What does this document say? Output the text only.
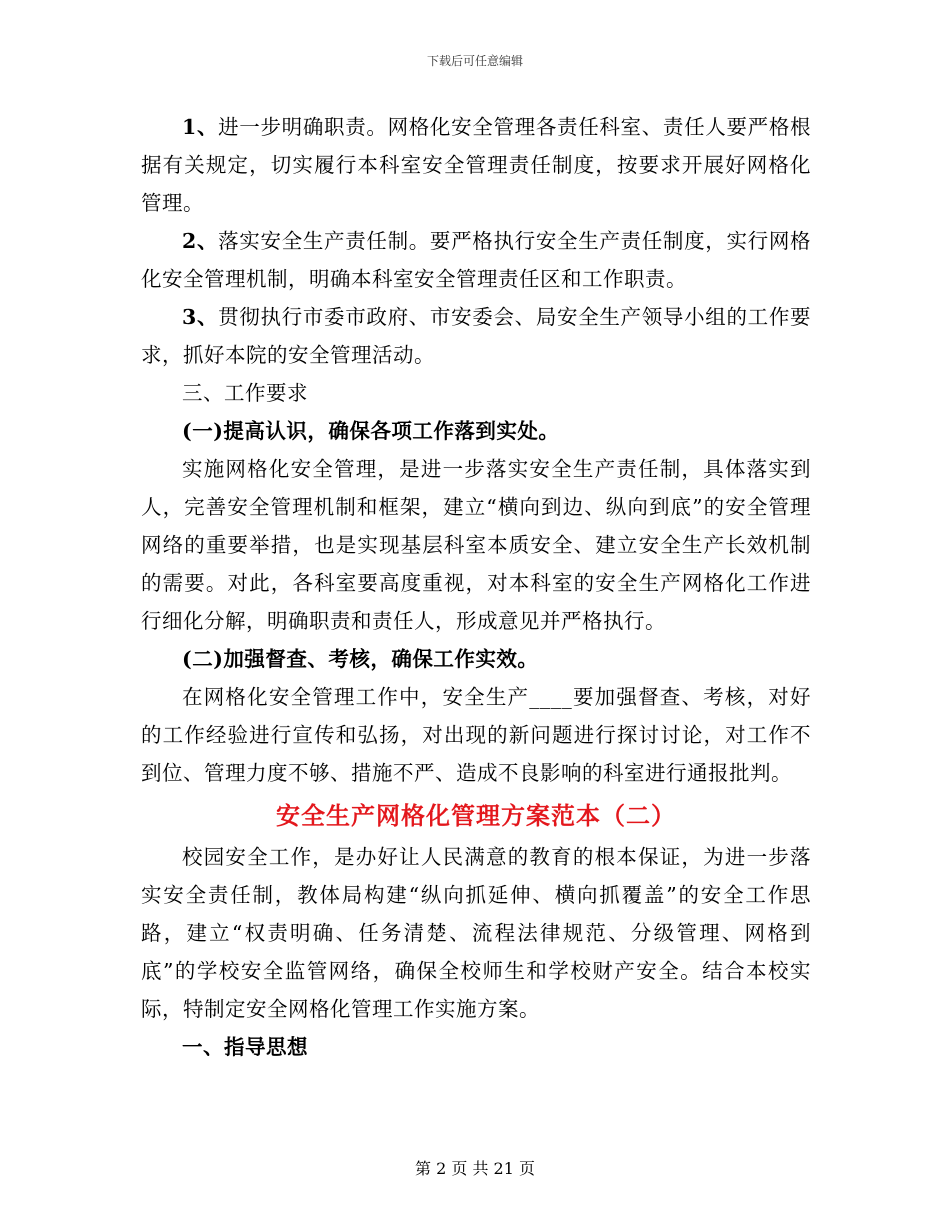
下载后可任意编辑

1、进一步明确职责。网格化安全管理各责任科室、责任人要严格根据有关规定，切实履行本科室安全管理责任制度，按要求开展好网格化管理。

2、落实安全生产责任制。要严格执行安全生产责任制度，实行网格化安全管理机制，明确本科室安全管理责任区和工作职责。

3、贯彻执行市委市政府、市安委会、局安全生产领导小组的工作要求，抓好本院的安全管理活动。

三、工作要求

(一)提高认识，确保各项工作落到实处。

实施网格化安全管理，是进一步落实安全生产责任制，具体落实到人，完善安全管理机制和框架，建立“横向到边、纵向到底”的安全管理网络的重要举措，也是实现基层科室本质安全、建立安全生产长效机制的需要。对此，各科室要高度重视，对本科室的安全生产网格化工作进行细化分解，明确职责和责任人，形成意见并严格执行。

(二)加强督查、考核，确保工作实效。

在网格化安全管理工作中，安全生产____要加强督查、考核，对好的工作经验进行宣传和弘扬，对出现的新问题进行探讨讨论，对工作不到位、管理力度不够、措施不严、造成不良影响的科室进行通报批判。

安全生产网格化管理方案范本（二）

校园安全工作，是办好让人民满意的教育的根本保证，为进一步落实安全责任制，教体局构建“纵向抓延伸、横向抓覆盖”的安全工作思路，建立“权责明确、任务清楚、流程法律规范、分级管理、网格到底”的学校安全监管网络，确保全校师生和学校财产安全。结合本校实际，特制定安全网格化管理工作实施方案。

一、指导思想

第 2 页 共 21 页
